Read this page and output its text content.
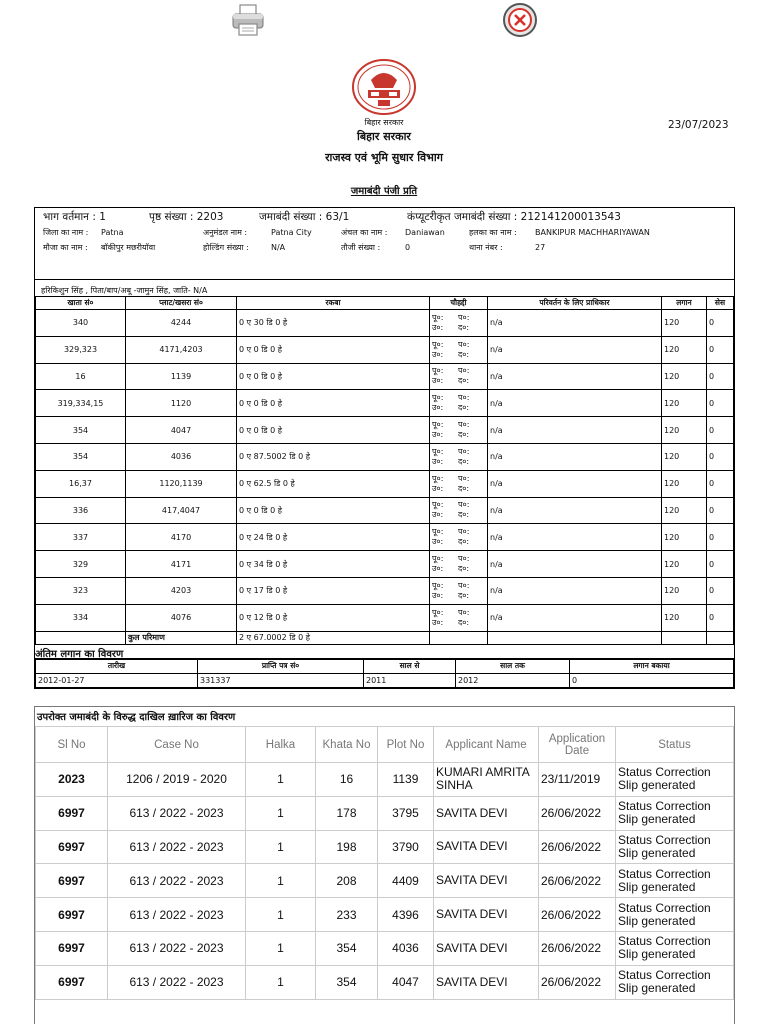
बिहार सरकार
बिहार सरकार
राजस्व एवं भूमि सुधार विभाग
जमाबंदी पंजी प्रति
23/07/2023
भाग वर्तमान : 1	पृष्ठ संख्या : 2203	जमाबंदी संख्या : 63/1	कंप्यूटरीकृत जमाबंदी संख्या : 212141200013543
जिला का नाम :	Patna	अनुमंडल नाम :	Patna City	अंचल का नाम :	Daniawan	हलका का नाम :	BANKIPUR MACHHARIYAWAN
मौजा का नाम :	बॉकीपुर मछरीयॉवा	होल्डिंग संख्या :	N/A	तौजी संख्या :	0	थाना नंबर :	27
हरिकिशुन सिंह , पिता/बाप/अबू -जामुन सिंह, जाति- N/A
खाता सं०	प्लाट/खसरा सं०	रकबा	चौहद्दी	परिवर्तन के लिए प्राधिकार	लगान	सेस
340	4244	0 ए 30 डि 0 हे	पू०: प०:
उ०: द०:	n/a	120	0
329,323	4171,4203	0 ए 0 डि 0 हे	पू०: प०:
उ०: द०:	n/a	120	0
16	1139	0 ए 0 डि 0 हे	पू०: प०:
उ०: द०:	n/a	120	0
319,334,15	1120	0 ए 0 डि 0 हे	पू०: प०:
उ०: द०:	n/a	120	0
354	4047	0 ए 0 डि 0 हे	पू०: प०:
उ०: द०:	n/a	120	0
354	4036	0 ए 87.5002 डि 0 हे	पू०: प०:
उ०: द०:	n/a	120	0
16,37	1120,1139	0 ए 62.5 डि 0 हे	पू०: प०:
उ०: द०:	n/a	120	0
336	417,4047	0 ए 0 डि 0 हे	पू०: प०:
उ०: द०:	n/a	120	0
337	4170	0 ए 24 डि 0 हे	पू०: प०:
उ०: द०:	n/a	120	0
329	4171	0 ए 34 डि 0 हे	पू०: प०:
उ०: द०:	n/a	120	0
323	4203	0 ए 17 डि 0 हे	पू०: प०:
उ०: द०:	n/a	120	0
334	4076	0 ए 12 डि 0 हे	पू०: प०:
उ०: द०:	n/a	120	0
	कुल परिमाण	2 ए 67.0002 डि 0 हे				
अंतिम लगान का विवरण
तारीख	प्राप्ति पत्र सं०	साल से	साल तक	लगान बकाया
2012-01-27	331337	2011	2012	0
उपरोक्त जमाबंदी के विरुद्ध दाखिल ख़ारिज का विवरण
Sl No	Case No	Halka	Khata No	Plot No	Applicant Name	Application Date	Status
2023	1206 / 2019 - 2020	1	16	1139	KUMARI AMRITA SINHA	23/11/2019	Status Correction Slip generated
6997	613 / 2022 - 2023	1	178	3795	SAVITA DEVI	26/06/2022	Status Correction Slip generated
6997	613 / 2022 - 2023	1	198	3790	SAVITA DEVI	26/06/2022	Status Correction Slip generated
6997	613 / 2022 - 2023	1	208	4409	SAVITA DEVI	26/06/2022	Status Correction Slip generated
6997	613 / 2022 - 2023	1	233	4396	SAVITA DEVI	26/06/2022	Status Correction Slip generated
6997	613 / 2022 - 2023	1	354	4036	SAVITA DEVI	26/06/2022	Status Correction Slip generated
6997	613 / 2022 - 2023	1	354	4047	SAVITA DEVI	26/06/2022	Status Correction Slip generated
